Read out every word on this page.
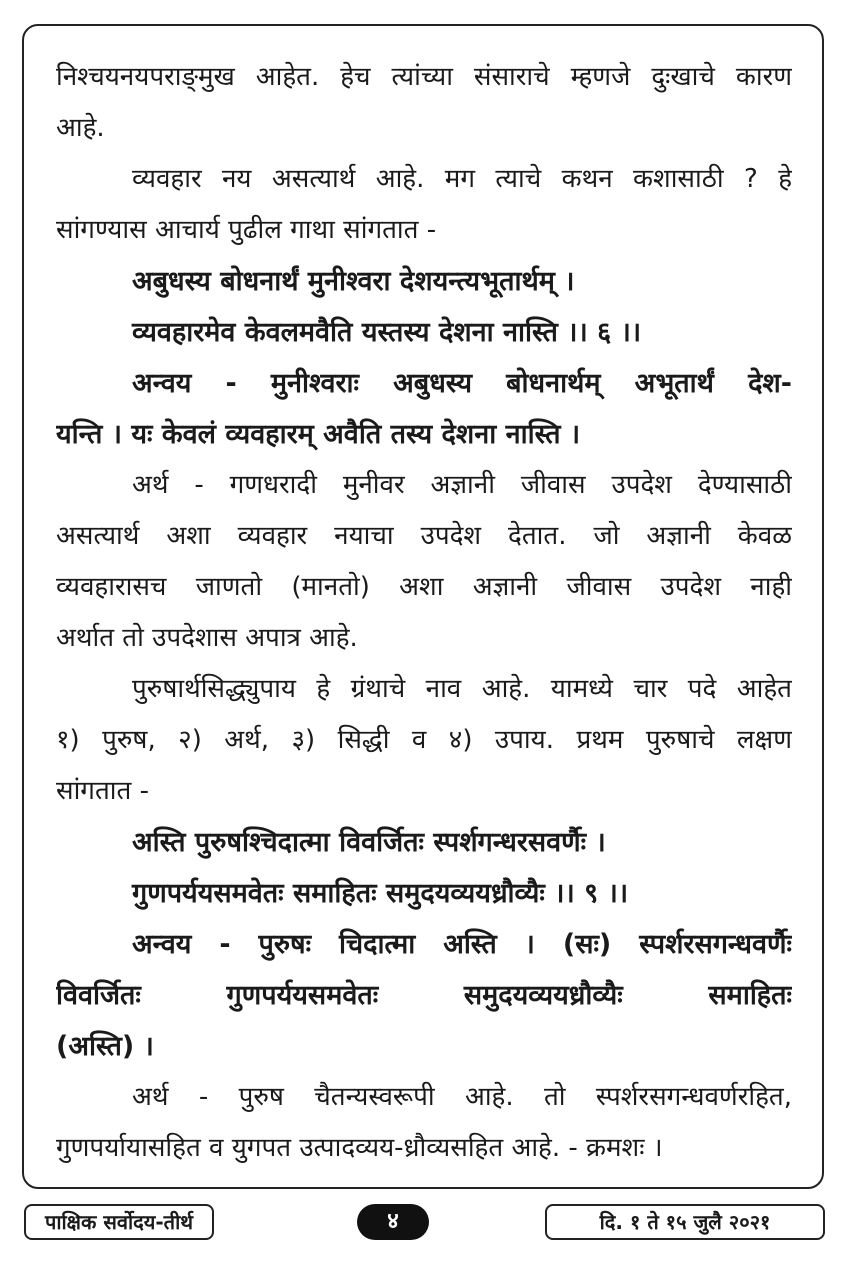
निश्चयनयपराङ्‍मुख आहेत. हेच त्यांच्या संसाराचे म्हणजे दुःखाचे कारण
आहे.
व्यवहार नय असत्यार्थ आहे. मग त्याचे कथन कशासाठी ? हे
सांगण्यास आचार्य पुढील गाथा सांगतात -
अबुधस्य बोधनार्थं मुनीश्वरा देशयन्त्यभूतार्थम् ।
व्यवहारमेव केवलमवैति यस्तस्य देशना नास्ति ।। ६ ।।
अन्वय - मुनीश्वराः अबुधस्य बोधनार्थम् अभूतार्थं देश-
यन्ति । यः केवलं व्यवहारम् अवैति तस्य देशना नास्ति ।
अर्थ - गणधरादी मुनीवर अज्ञानी जीवास उपदेश देण्यासाठी
असत्यार्थ अशा व्यवहार नयाचा उपदेश देतात. जो अज्ञानी केवळ
व्यवहारासच जाणतो (मानतो) अशा अज्ञानी जीवास उपदेश नाही
अर्थात तो उपदेशास अपात्र आहे.
पुरुषार्थसिद्ध्युपाय हे ग्रंथाचे नाव आहे. यामध्ये चार पदे आहेत
१) पुरुष, २) अर्थ, ३) सिद्धी व ४) उपाय. प्रथम पुरुषाचे लक्षण
सांगतात -
अस्ति पुरुषश्चिदात्मा विवर्जितः स्पर्शगन्धरसवर्णैः ।
गुणपर्ययसमवेतः समाहितः समुदयव्ययध्रौव्यैः ।। ९ ।।
अन्वय - पुरुषः चिदात्मा अस्ति । (सः) स्पर्शरसगन्धवर्णैः
विवर्जितः गुणपर्ययसमवेतः समुदयव्ययध्रौव्यैः समाहितः
(अस्ति) ।
अर्थ - पुरुष चैतन्यस्वरूपी आहे. तो स्पर्शरसगन्धवर्णरहित,
गुणपर्यायासहित व युगपत उत्पादव्यय-ध्रौव्यसहित आहे. - क्रमशः ।
पाक्षिक सर्वोदय-तीर्थ	४	दि. १ ते १५ जुलै २०२१
